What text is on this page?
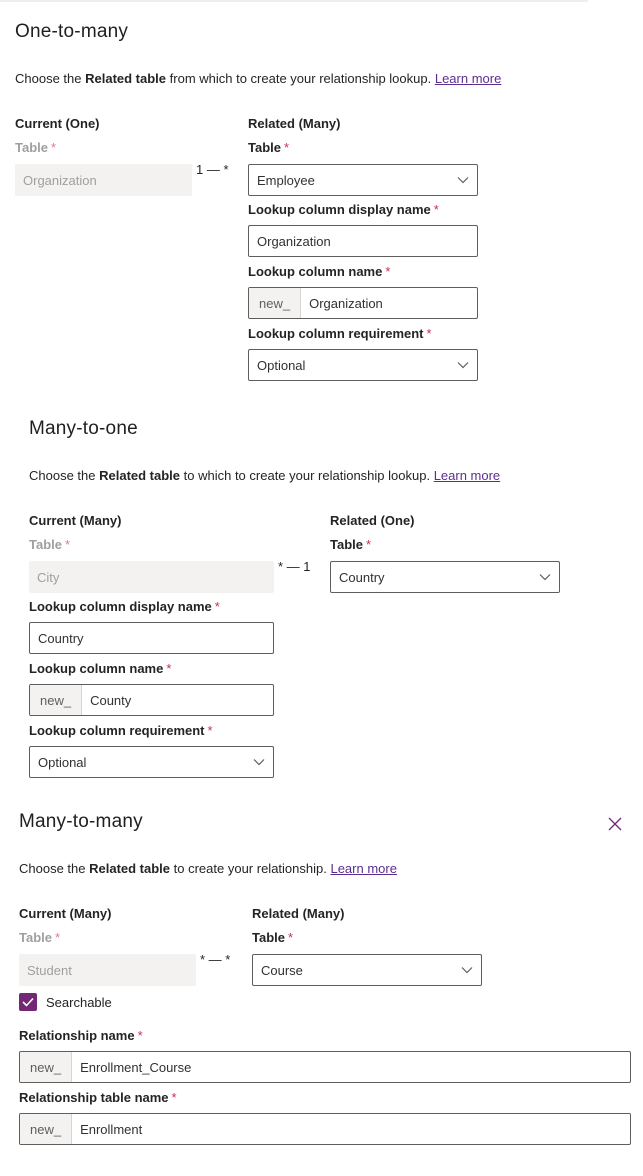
One-to-many
Choose the Related table from which to create your relationship lookup. Learn more
Current (One)
Table *
Organization
1 — *
Related (Many)
Table *
Employee
Lookup column display name *
Organization
Lookup column name *
new_	Organization
Lookup column requirement *
Optional
Many-to-one
Choose the Related table to which to create your relationship lookup. Learn more
Current (Many)
Table *
City
* — 1
Related (One)
Table *
Country
Lookup column display name *
Country
Lookup column name *
new_	County
Lookup column requirement *
Optional
Many-to-many
Choose the Related table to create your relationship. Learn more
Current (Many)
Table *
Student
* — *
Related (Many)
Table *
Course
Searchable
Relationship name *
new_	Enrollment_Course
Relationship table name *
new_	Enrollment
